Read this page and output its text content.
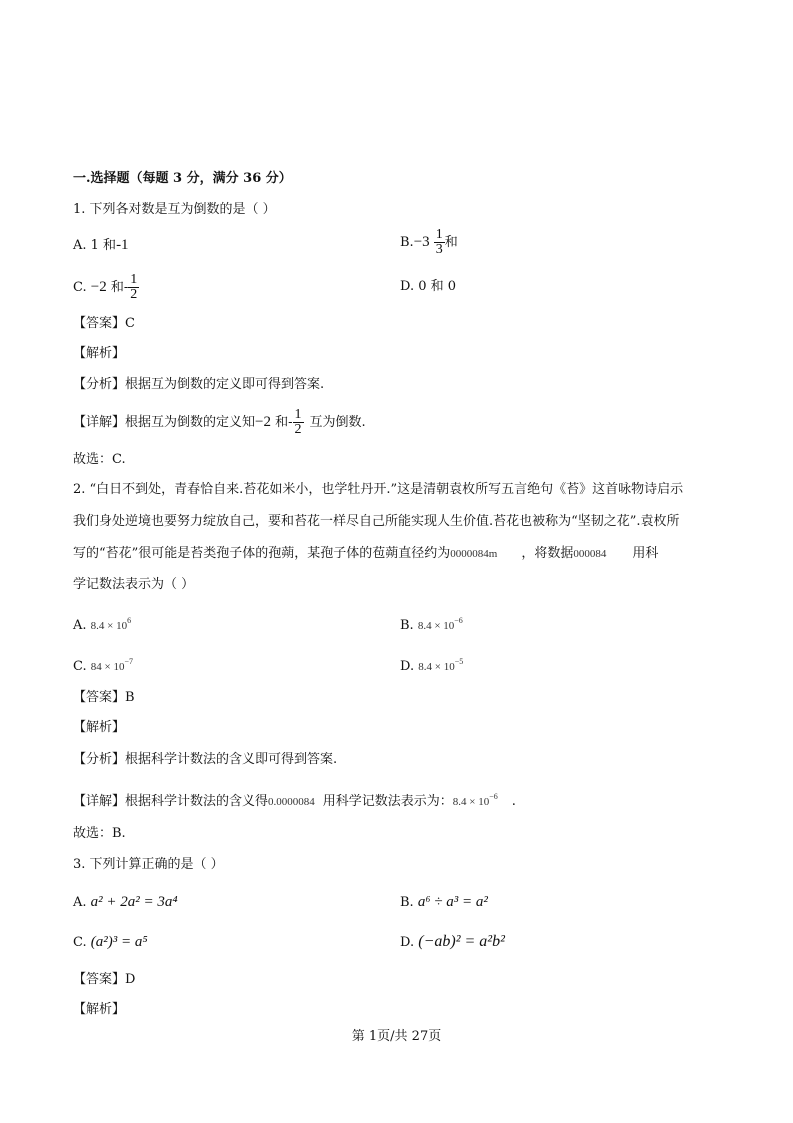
一.选择题（每题 3 分，满分 36 分）
1. 下列各对数是互为倒数的是（ ）
A. 1 和-1	$B.-3 \frac{1}{3}$ 和
C. −2 和- $\frac{1}{2}$	D. 0 和 0
【答案】C
【解析】
【分析】根据互为倒数的定义即可得到答案.
【详解】根据互为倒数的定义知−2 和- $\frac{1}{2}$ 互为倒数.
故选：C.
2. “白日不到处，青春恰自来.苔花如米小，也学牡丹开.”这是清朝袁枚所写五言绝句《苔》这首咏物诗启示
我们身处逆境也要努力绽放自己，要和苔花一样尽自己所能实现人生价值.苔花也被称为“坚韧之花”.袁枚所
写的“苔花”很可能是苔类孢子体的孢蒴，某孢子体的苞蒴直径约为0000084m ，将数据000084 用科
学记数法表示为（ ）
A. $8.4 \times 10^6$	B. $8.4 \times 10^{-6}$
C. $84 \times 10^{-7}$	D. $8.4 \times 10^{-5}$
【答案】B
【解析】
【分析】根据科学计数法的含义即可得到答案.
【详解】根据科学计数法的含义得0.0000084 用科学记数法表示为：$8.4 \times 10^{-6}$ .
故选：B.
3. 下列计算正确的是（ ）
A. a² + 2a² = 3a⁴	B. a⁶ ÷ a³ = a²
C. (a²)³ = a⁵	D. (−ab)² = a²b²
【答案】D
【解析】
第 1页/共 27页
